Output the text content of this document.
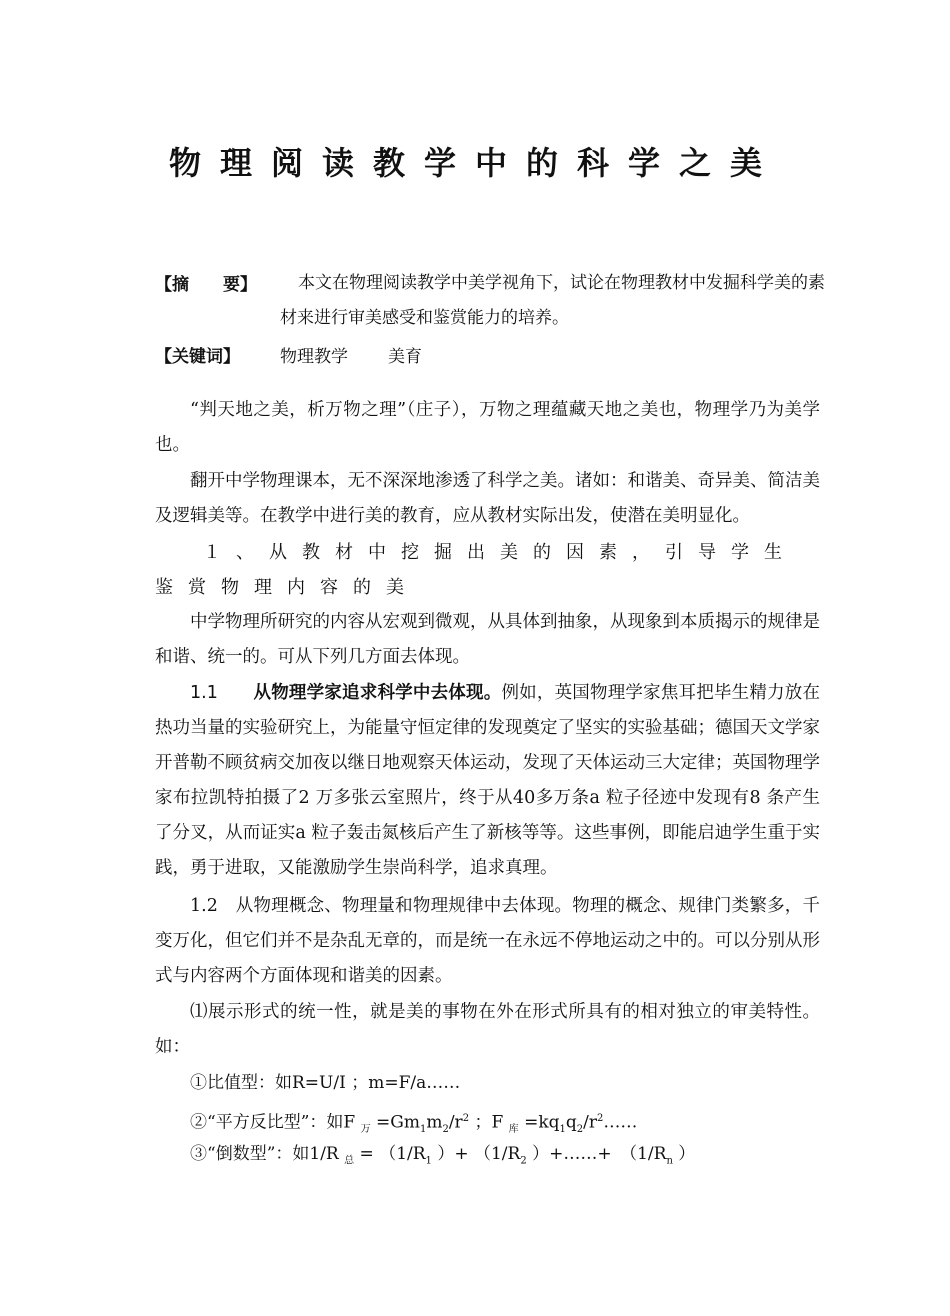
物理阅读教学中的科学之美
【摘　　要】	本文在物理阅读教学中美学视角下，试论在物理教材中发掘科学美的素材来进行审美感受和鉴赏能力的培养。

【关键词】 物理教学 美育

“判天地之美，析万物之理”（庄子），万物之理蕴藏天地之美也，物理学乃为美学也。

翻开中学物理课本，无不深深地渗透了科学之美。诸如：和谐美、奇异美、简洁美及逻辑美等。在教学中进行美的教育，应从教材实际出发，使潜在美明显化。

１、从教材中挖掘出美的因素，引导学生鉴赏物理内容的美

中学物理所研究的内容从宏观到微观，从具体到抽象，从现象到本质揭示的规律是和谐、统一的。可从下列几方面去体现。

1.1　　 从物理学家追求科学中去体现。例如，英国物理学家焦耳把毕生精力放在热功当量的实验研究上，为能量守恒定律的发现奠定了坚实的实验基础；德国天文学家开普勒不顾贫病交加夜以继日地观察天体运动，发现了天体运动三大定律；英国物理学家布拉凯特拍摄了2 万多张云室照片，终于从40多万条a 粒子径迹中发现有8 条产生了分叉，从而证实a 粒子轰击氮核后产生了新核等等。这些事例，即能启迪学生重于实践，勇于进取，又能激励学生崇尚科学，追求真理。

1.2　从物理概念、物理量和物理规律中去体现。物理的概念、规律门类繁多，千变万化，但它们并不是杂乱无章的，而是统一在永远不停地运动之中的。可以分别从形式与内容两个方面体现和谐美的因素。

⑴展示形式的统一性，就是美的事物在外在形式所具有的相对独立的审美特性。如：

①比值型：如R=U/I ；m=F/a……
②“平方反比型”：如F $_万 =Gm_1m_2/r^2$ ；F $_库 =kq_1q_2/r^2\dots\dots$
③“倒数型”：如1/R $_总 = (1/R_1$ ）+ （$1/R_2$ ）+……+　（$1/R_n$ ）
